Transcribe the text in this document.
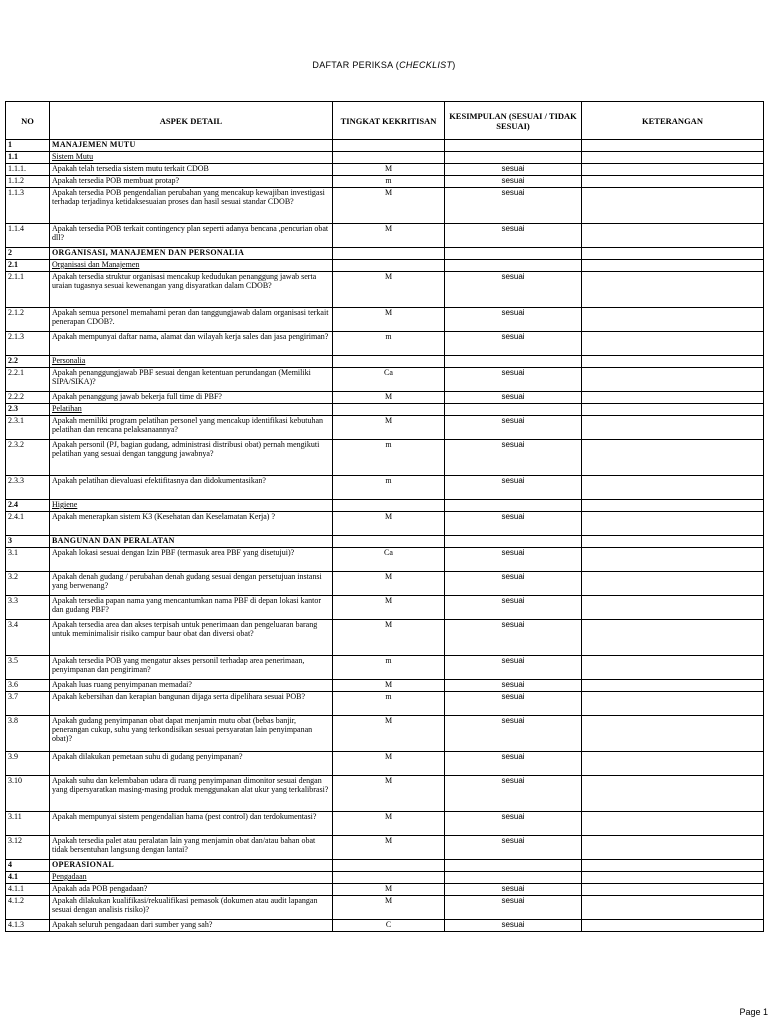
DAFTAR PERIKSA (CHECKLIST)
NO	ASPEK DETAIL	TINGKAT KEKRITISAN	KESIMPULAN (SESUAI / TIDAK SESUAI)	KETERANGAN
1	MANAJEMEN MUTU			
1.1	Sistem Mutu			
1.1.1.	Apakah telah tersedia sistem mutu terkait CDOB	M	sesuai	
1.1.2	Apakah tersedia POB membuat protap?	m	sesuai	
1.1.3	Apakah tersedia POB pengendalian perubahan yang mencakup kewajiban investigasi terhadap terjadinya ketidaksesuaian proses dan hasil sesuai standar CDOB?	M	sesuai	
1.1.4	Apakah tersedia POB terkait contingency plan seperti adanya bencana ,pencurian obat dll?	M	sesuai	
2	ORGANISASI, MANAJEMEN DAN PERSONALIA			
2.1	Organisasi dan Manajemen			
2.1.1	Apakah tersedia struktur organisasi mencakup kedudukan penanggung jawab serta uraian tugasnya sesuai kewenangan yang disyaratkan dalam CDOB?	M	sesuai	
2.1.2	Apakah semua personel memahami peran dan tanggungjawab dalam organisasi terkait penerapan CDOB?.	M	sesuai	
2.1.3	Apakah mempunyai daftar nama, alamat dan wilayah kerja sales dan jasa pengiriman?	m	sesuai	
2.2	Personalia			
2.2.1	Apakah penanggungjawab PBF sesuai dengan ketentuan perundangan (Memiliki SIPA/SIKA)?	Ca	sesuai	
2.2.2	Apakah penanggung jawab bekerja full time di PBF?	M	sesuai	
2.3	Pelatihan			
2.3.1	Apakah memiliki program pelatihan personel yang mencakup identifikasi kebutuhan pelatihan dan rencana pelaksanaannya?	M	sesuai	
2.3.2	Apakah personil (PJ, bagian gudang, administrasi distribusi obat) pernah mengikuti pelatihan yang sesuai dengan tanggung jawabnya?	m	sesuai	
2.3.3	Apakah pelatihan dievaluasi efektifitasnya dan didokumentasikan?	m	sesuai	
2.4	Higiene			
2.4.1	Apakah menerapkan sistem K3 (Kesehatan dan Keselamatan Kerja) ?	M	sesuai	
3	BANGUNAN DAN PERALATAN			
3.1	Apakah lokasi sesuai dengan Izin PBF (termasuk area PBF yang disetujui)?	Ca	sesuai	
3.2	Apakah denah gudang / perubahan denah gudang sesuai dengan persetujuan instansi yang berwenang?	M	sesuai	
3.3	Apakah tersedia papan nama yang mencantumkan nama PBF di depan lokasi kantor dan gudang PBF?	M	sesuai	
3.4	Apakah tersedia area dan akses terpisah untuk penerimaan dan pengeluaran barang untuk meminimalisir risiko campur baur obat dan diversi obat?	M	sesuai	
3.5	Apakah tersedia POB yang mengatur akses personil terhadap area penerimaan, penyimpanan dan pengiriman?	m	sesuai	
3.6	Apakah luas ruang penyimpanan memadai?	M	sesuai	
3.7	Apakah kebersihan dan kerapian bangunan dijaga serta dipelihara sesuai POB?	m	sesuai	
3.8	Apakah gudang penyimpanan obat dapat menjamin mutu obat (bebas banjir, penerangan cukup, suhu yang terkondisikan sesuai persyaratan lain penyimpanan obat)?	M	sesuai	
3.9	Apakah dilakukan pemetaan suhu di gudang penyimpanan?	M	sesuai	
3.10	Apakah suhu dan kelembaban udara di ruang penyimpanan dimonitor sesuai dengan yang dipersyaratkan masing-masing produk menggunakan alat ukur yang terkalibrasi?	M	sesuai	
3.11	Apakah mempunyai sistem pengendalian hama (pest control) dan terdokumentasi?	M	sesuai	
3.12	Apakah tersedia palet atau peralatan lain yang menjamin obat dan/atau bahan obat tidak bersentuhan langsung dengan lantai?	M	sesuai	
4	OPERASIONAL			
4.1	Pengadaan			
4.1.1	Apakah ada POB pengadaan?	M	sesuai	
4.1.2	Apakah dilakukan kualifikasi/rekualifikasi pemasok (dokumen atau audit lapangan sesuai dengan analisis risiko)?	M	sesuai	
4.1.3	Apakah seluruh pengadaan dari sumber yang sah?	C	sesuai	
Page 1
